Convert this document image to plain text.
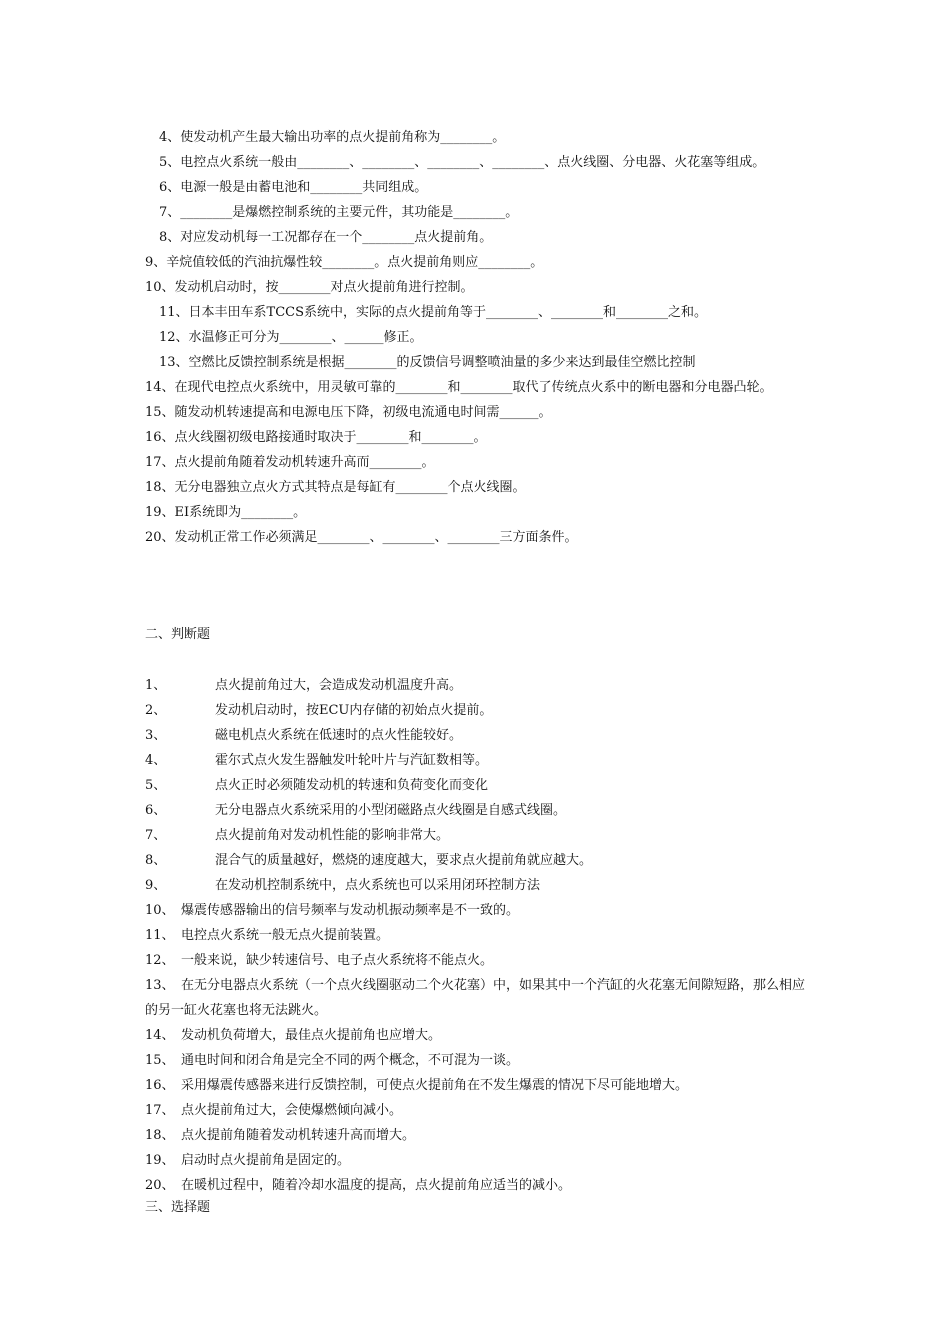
4、使发动机产生最大输出功率的点火提前角称为________。
5、电控点火系统一般由________、________、________、________、点火线圈、分电器、火花塞等组成。
6、电源一般是由蓄电池和________共同组成。
7、________是爆燃控制系统的主要元件，其功能是________。
8、对应发动机每一工况都存在一个________点火提前角。
9、辛烷值较低的汽油抗爆性较________。点火提前角则应________。
10、发动机启动时，按________对点火提前角进行控制。
11、日本丰田车系TCCS系统中，实际的点火提前角等于________、________和________之和。
12、水温修正可分为________、______修正。
13、空燃比反馈控制系统是根据________的反馈信号调整喷油量的多少来达到最佳空燃比控制
14、在现代电控点火系统中，用灵敏可靠的________和________取代了传统点火系中的断电器和分电器凸轮。
15、随发动机转速提高和电源电压下降，初级电流通电时间需______。
16、点火线圈初级电路接通时取决于________和________。
17、点火提前角随着发动机转速升高而________。
18、无分电器独立点火方式其特点是每缸有________个点火线圈。
19、EI系统即为________。
20、发动机正常工作必须满足________、________、________三方面条件。
二、判断题
1、	点火提前角过大，会造成发动机温度升高。
2、	发动机启动时，按ECU内存储的初始点火提前。
3、	磁电机点火系统在低速时的点火性能较好。
4、	霍尔式点火发生器触发叶轮叶片与汽缸数相等。
5、	点火正时必须随发动机的转速和负荷变化而变化
6、	无分电器点火系统采用的小型闭磁路点火线圈是自感式线圈。
7、	点火提前角对发动机性能的影响非常大。
8、	混合气的质量越好，燃烧的速度越大，要求点火提前角就应越大。
9、	在发动机控制系统中，点火系统也可以采用闭环控制方法
10、 爆震传感器输出的信号频率与发动机振动频率是不一致的。
11、 电控点火系统一般无点火提前装置。
12、 一般来说，缺少转速信号、电子点火系统将不能点火。
13、 在无分电器点火系统（一个点火线圈驱动二个火花塞）中，如果其中一个汽缸的火花塞无间隙短路，那么相应的另一缸火花塞也将无法跳火。
14、 发动机负荷增大，最佳点火提前角也应增大。
15、 通电时间和闭合角是完全不同的两个概念，不可混为一谈。
16、 采用爆震传感器来进行反馈控制，可使点火提前角在不发生爆震的情况下尽可能地增大。
17、 点火提前角过大，会使爆燃倾向减小。
18、 点火提前角随着发动机转速升高而增大。
19、 启动时点火提前角是固定的。
20、 在暖机过程中，随着冷却水温度的提高，点火提前角应适当的减小。
三、选择题
